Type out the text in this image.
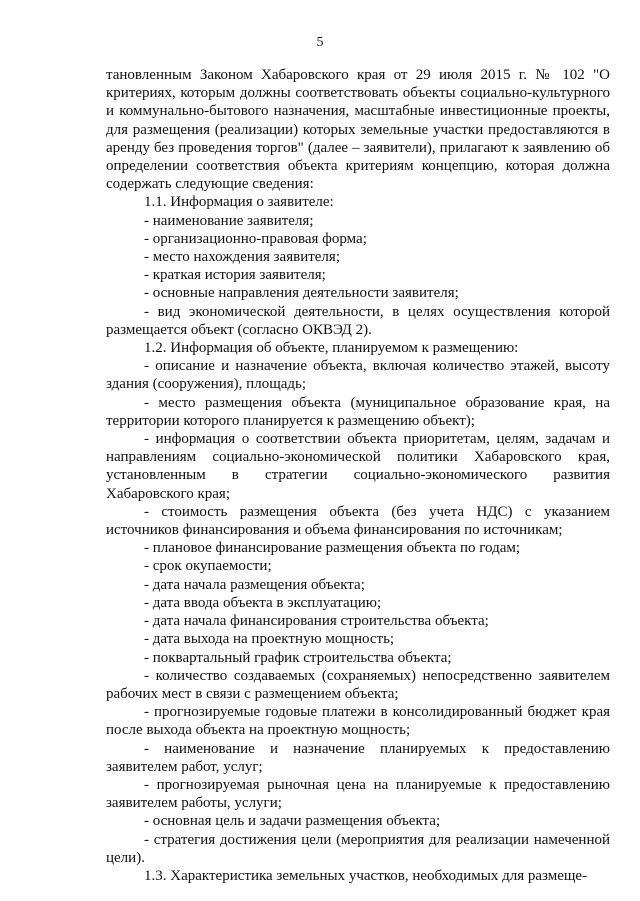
5

тановленным Законом Хабаровского края от 29 июля 2015 г. № 102 "О критериях, которым должны соответствовать объекты социально-культурного и коммунально-бытового назначения, масштабные инвестиционные проекты, для размещения (реализации) которых земельные участки предоставляются в аренду без проведения торгов" (далее – заявители), прилагают к заявлению об определении соответствия объекта критериям концепцию, которая должна содержать следующие сведения:

1.1. Информация о заявителе:

- наименование заявителя;

- организационно-правовая форма;

- место нахождения заявителя;

- краткая история заявителя;

- основные направления деятельности заявителя;

- вид экономической деятельности, в целях осуществления которой размещается объект (согласно ОКВЭД 2).

1.2. Информация об объекте, планируемом к размещению:

- описание и назначение объекта, включая количество этажей, высоту здания (сооружения), площадь;

- место размещения объекта (муниципальное образование края, на территории которого планируется к размещению объект);

- информация о соответствии объекта приоритетам, целям, задачам и направлениям социально-экономической политики Хабаровского края, установленным в стратегии социально-экономического развития Хабаровского края;

- стоимость размещения объекта (без учета НДС) с указанием источников финансирования и объема финансирования по источникам;

- плановое финансирование размещения объекта по годам;

- срок окупаемости;

- дата начала размещения объекта;

- дата ввода объекта в эксплуатацию;

- дата начала финансирования строительства объекта;

- дата выхода на проектную мощность;

- поквартальный график строительства объекта;

- количество создаваемых (сохраняемых) непосредственно заявителем рабочих мест в связи с размещением объекта;

- прогнозируемые годовые платежи в консолидированный бюджет края после выхода объекта на проектную мощность;

- наименование и назначение планируемых к предоставлению заявителем работ, услуг;

- прогнозируемая рыночная цена на планируемые к предоставлению заявителем работы, услуги;

- основная цель и задачи размещения объекта;

- стратегия достижения цели (мероприятия для реализации намеченной цели).

1.3. Характеристика земельных участков, необходимых для размеще-
